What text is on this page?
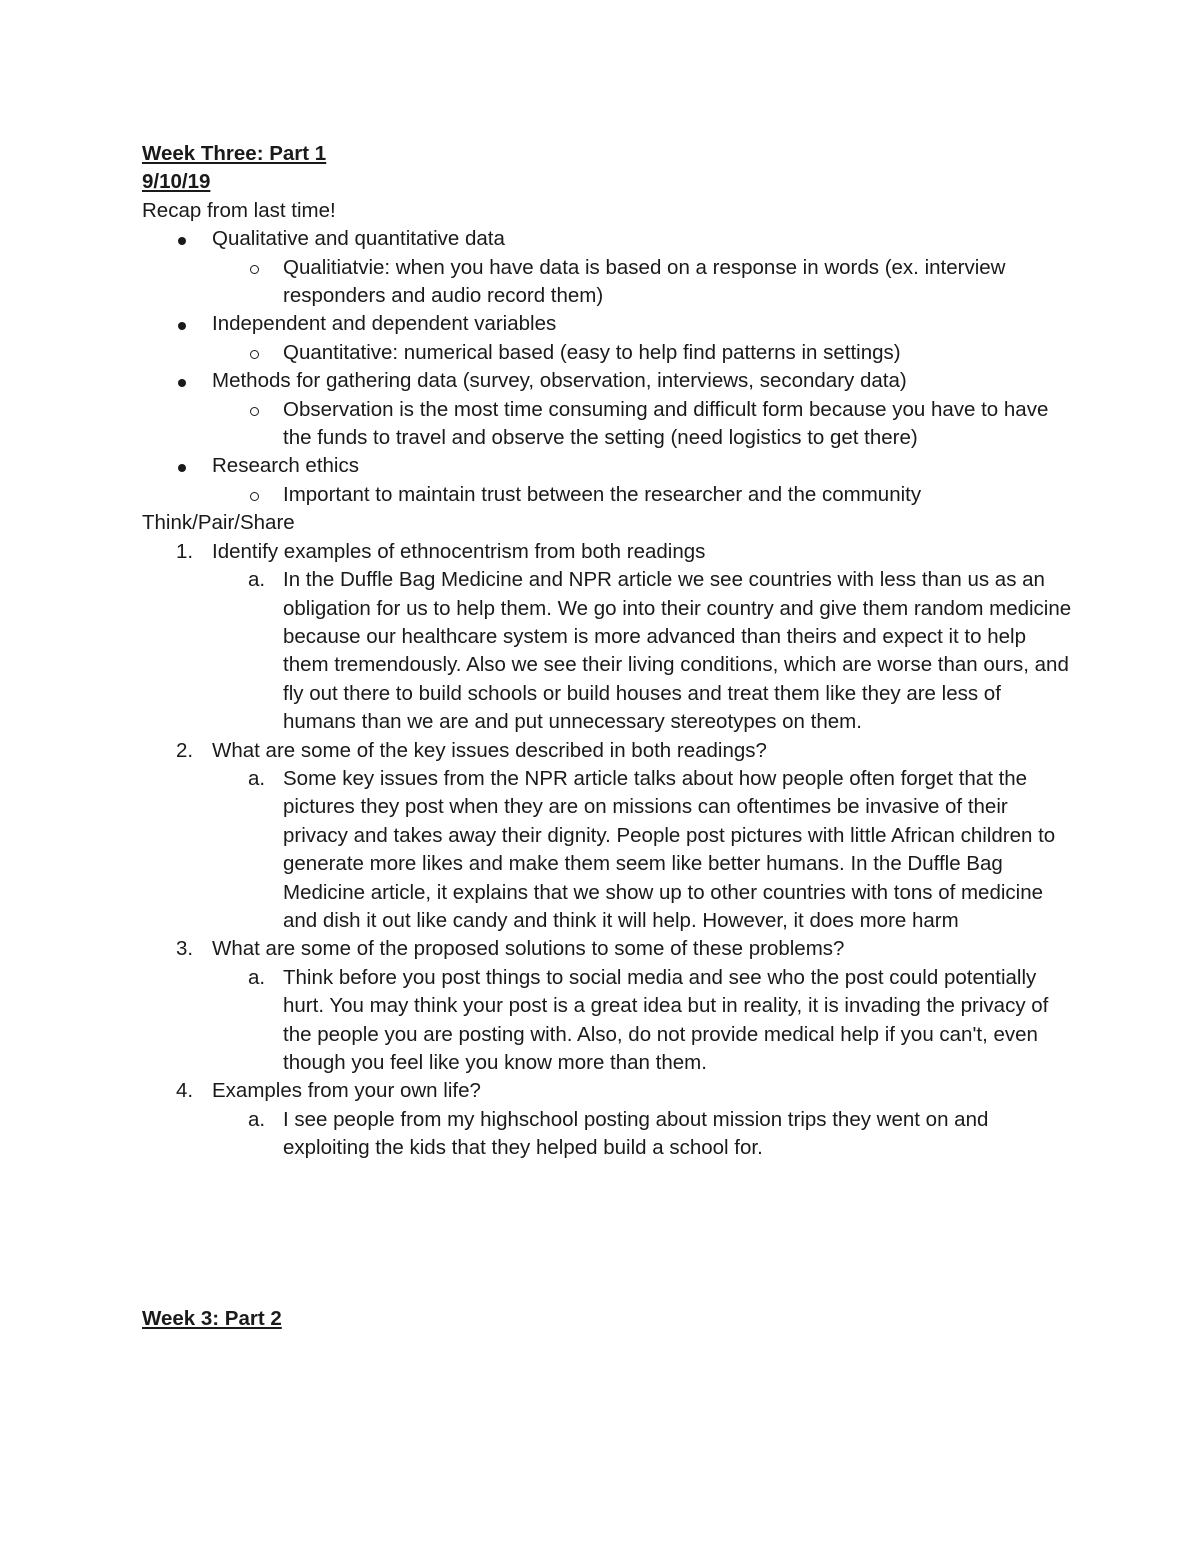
Week Three: Part 1
9/10/19
Recap from last time!
Qualitative and quantitative data
Qualitiatvie: when you have data is based on a response in words (ex. interview responders and audio record them)
Independent and dependent variables
Quantitative: numerical based (easy to help find patterns in settings)
Methods for gathering data (survey, observation, interviews, secondary data)
Observation is the most time consuming and difficult form because you have to have the funds to travel and observe the setting (need logistics to get there)
Research ethics
Important to maintain trust between the researcher and the community
Think/Pair/Share
1. Identify examples of ethnocentrism from both readings
a. In the Duffle Bag Medicine and NPR article we see countries with less than us as an obligation for us to help them. We go into their country and give them random medicine because our healthcare system is more advanced than theirs and expect it to help them tremendously. Also we see their living conditions, which are worse than ours, and fly out there to build schools or build houses and treat them like they are less of humans than we are and put unnecessary stereotypes on them.
2. What are some of the key issues described in both readings?
a. Some key issues from the NPR article talks about how people often forget that the pictures they post when they are on missions can oftentimes be invasive of their privacy and takes away their dignity. People post pictures with little African children to generate more likes and make them seem like better humans. In the Duffle Bag Medicine article, it explains that we show up to other countries with tons of medicine and dish it out like candy and think it will help. However, it does more harm
3. What are some of the proposed solutions to some of these problems?
a. Think before you post things to social media and see who the post could potentially hurt. You may think your post is a great idea but in reality, it is invading the privacy of the people you are posting with. Also, do not provide medical help if you can't, even though you feel like you know more than them.
4. Examples from your own life?
a. I see people from my highschool posting about mission trips they went on and exploiting the kids that they helped build a school for.
Week 3: Part 2
